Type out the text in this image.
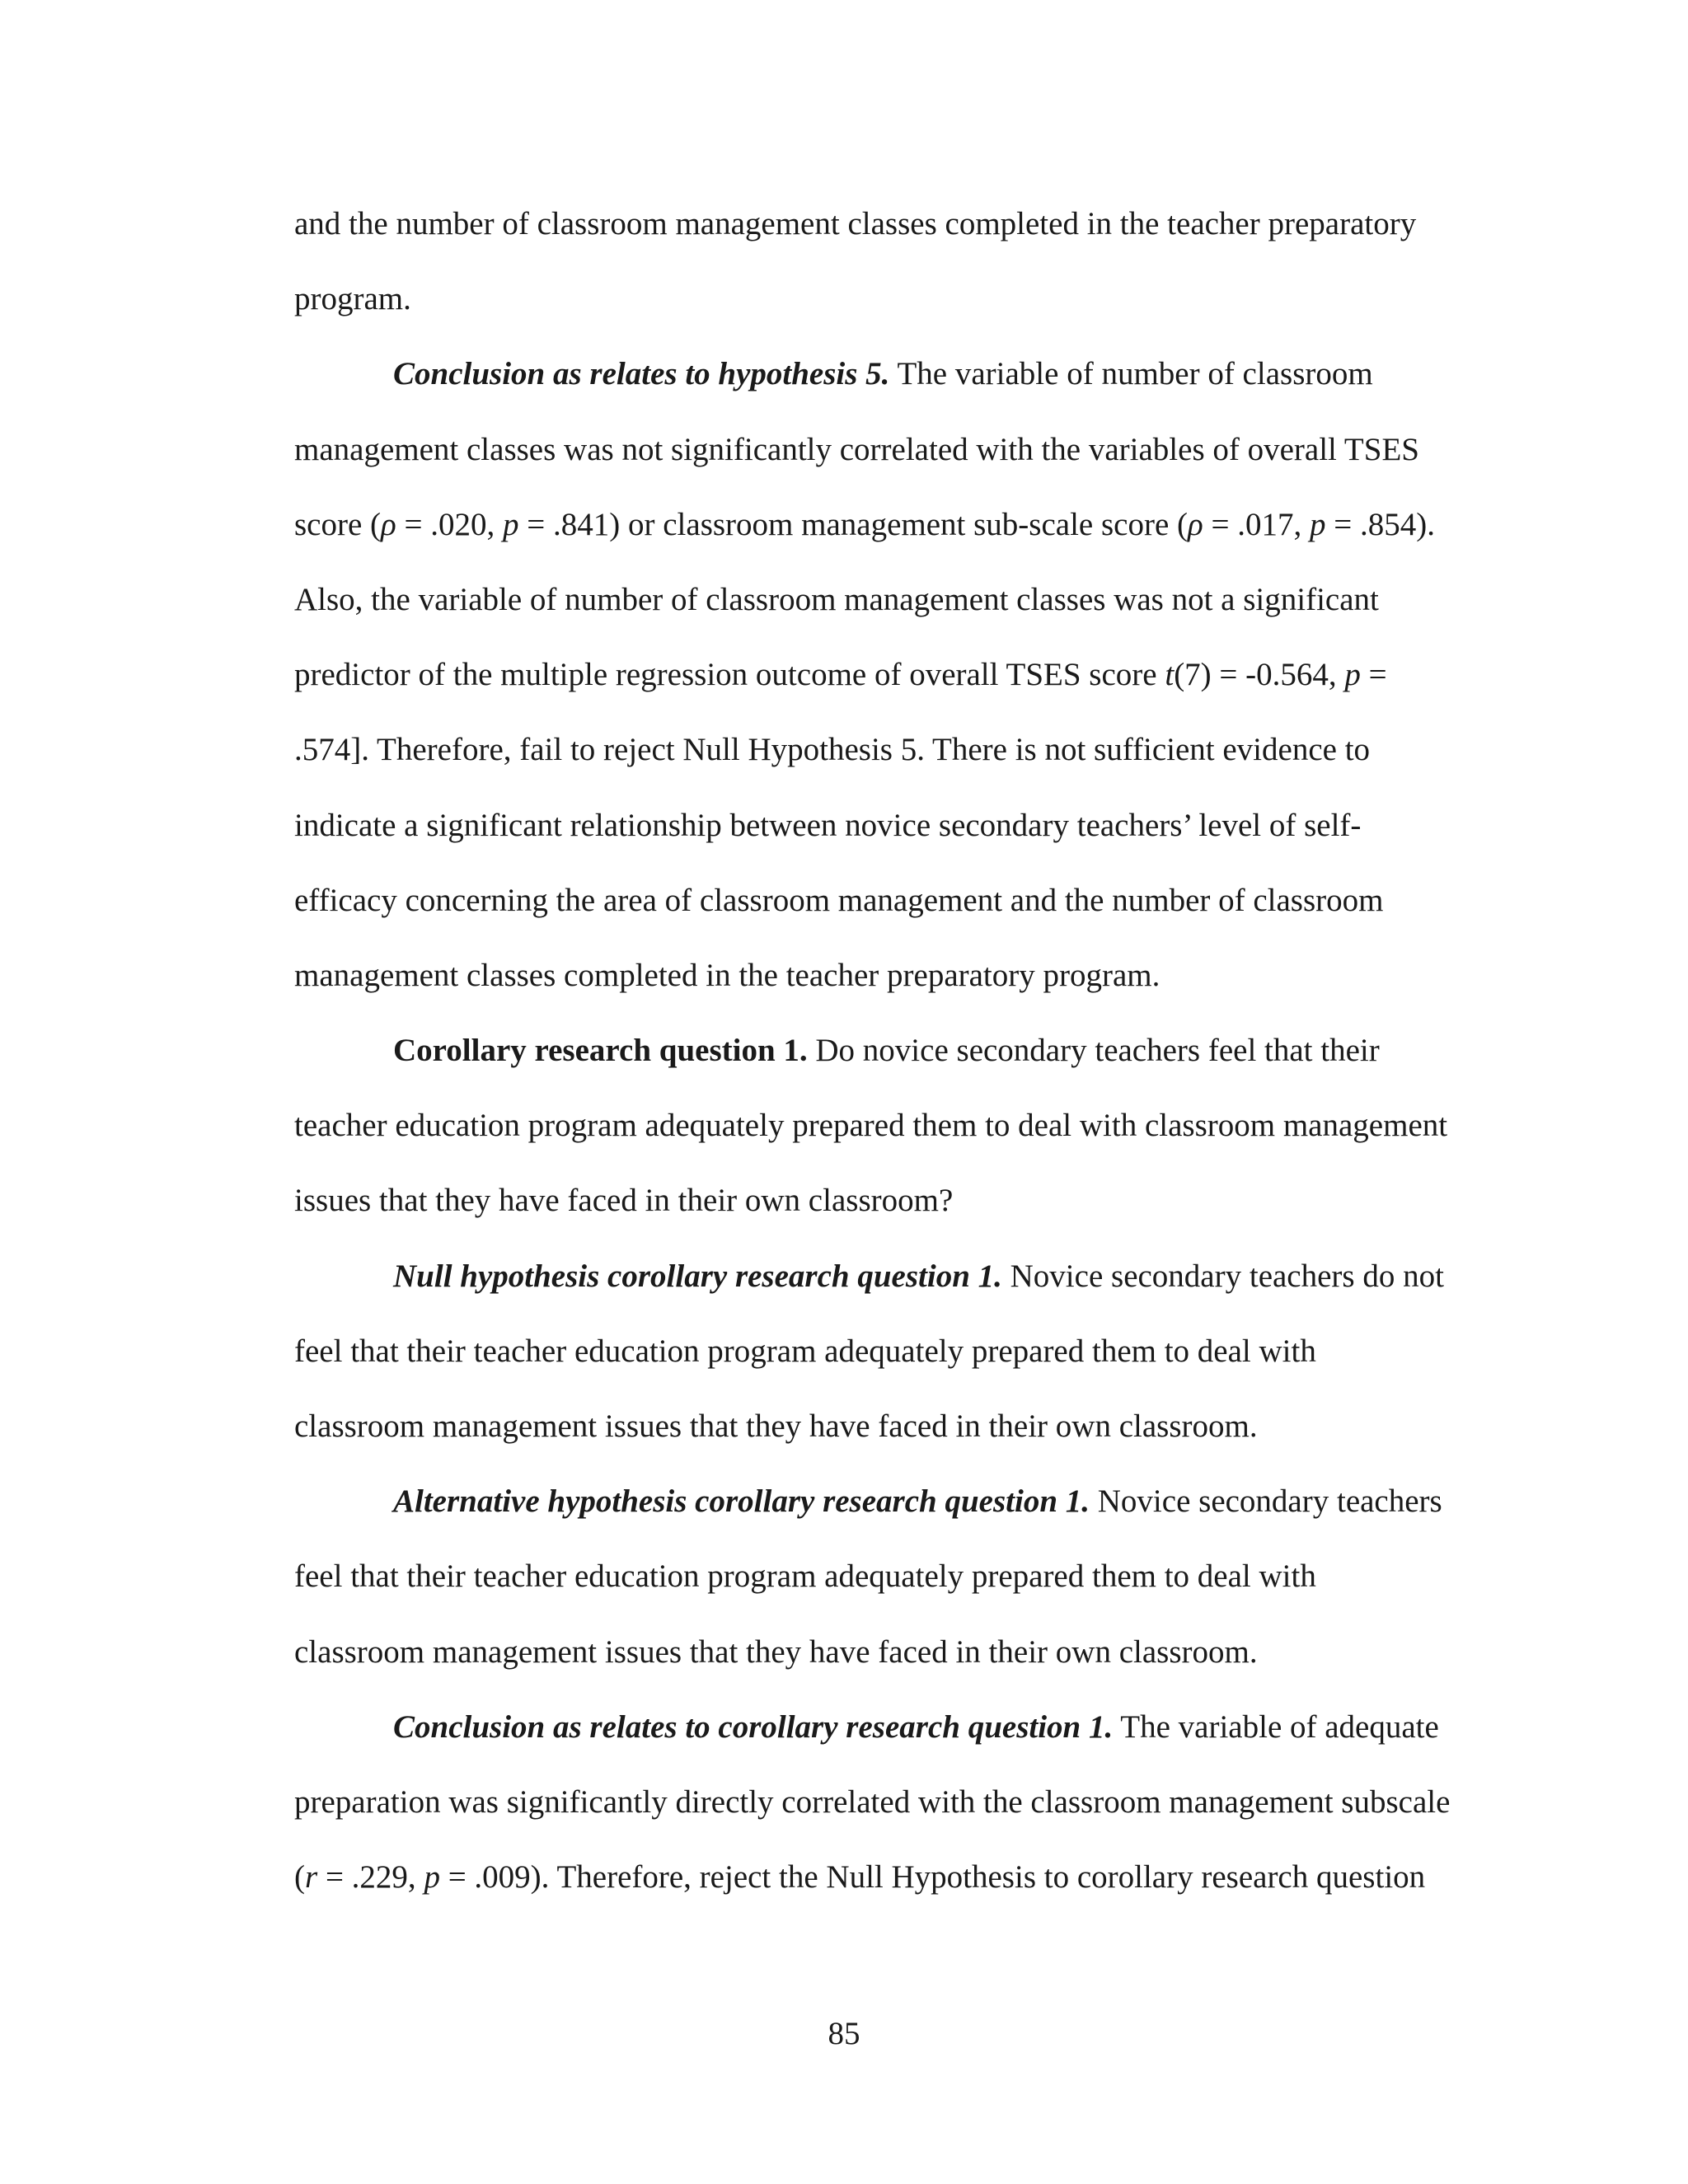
and the number of classroom management classes completed in the teacher preparatory
program.
Conclusion as relates to hypothesis 5. The variable of number of classroom
management classes was not significantly correlated with the variables of overall TSES
score (ρ = .020, p = .841) or classroom management sub-scale score (ρ = .017, p = .854).
Also, the variable of number of classroom management classes was not a significant
predictor of the multiple regression outcome of overall TSES score t(7) = -0.564, p =
.574]. Therefore, fail to reject Null Hypothesis 5. There is not sufficient evidence to
indicate a significant relationship between novice secondary teachers’ level of self-
efficacy concerning the area of classroom management and the number of classroom
management classes completed in the teacher preparatory program.
Corollary research question 1. Do novice secondary teachers feel that their
teacher education program adequately prepared them to deal with classroom management
issues that they have faced in their own classroom?
Null hypothesis corollary research question 1. Novice secondary teachers do not
feel that their teacher education program adequately prepared them to deal with
classroom management issues that they have faced in their own classroom.
Alternative hypothesis corollary research question 1. Novice secondary teachers
feel that their teacher education program adequately prepared them to deal with
classroom management issues that they have faced in their own classroom.
Conclusion as relates to corollary research question 1. The variable of adequate
preparation was significantly directly correlated with the classroom management subscale
(r = .229, p = .009). Therefore, reject the Null Hypothesis to corollary research question
85
